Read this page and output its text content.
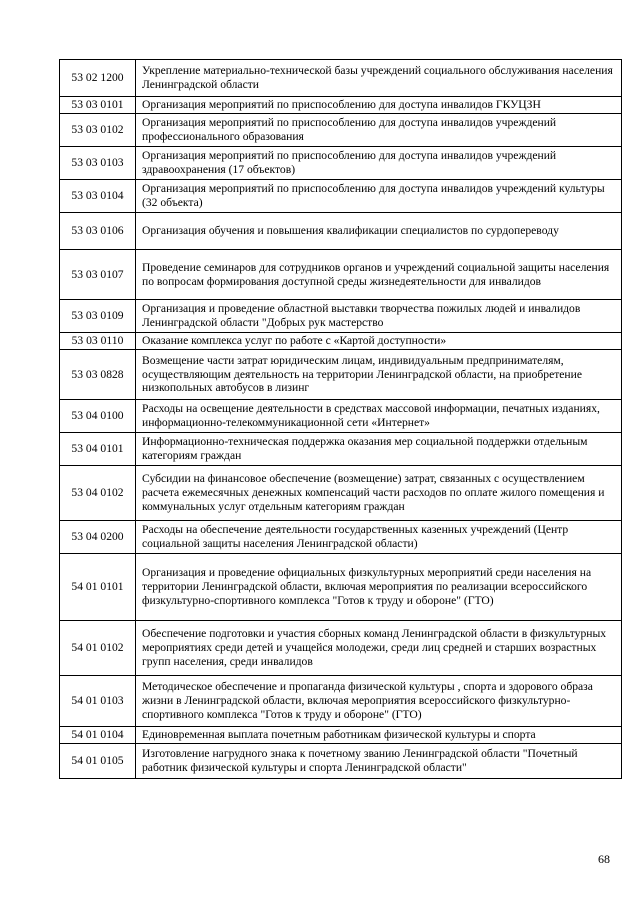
53 02 1200	Укрепление материально-технической базы учреждений социального обслуживания населения Ленинградской области
53 03 0101	Организация мероприятий по приспособлению для доступа инвалидов ГКУЦЗН
53 03 0102	Организация мероприятий по приспособлению для доступа инвалидов учреждений профессионального образования
53 03 0103	Организация мероприятий по приспособлению для доступа инвалидов учреждений здравоохранения (17 объектов)
53 03 0104	Организация мероприятий по приспособлению для доступа инвалидов учреждений культуры (32 объекта)
53 03 0106	Организация обучения и повышения квалификации специалистов по сурдопереводу
53 03 0107	Проведение семинаров для сотрудников органов и учреждений социальной защиты населения по вопросам формирования доступной среды жизнедеятельности для инвалидов
53 03 0109	Организация и проведение областной выставки творчества пожилых людей и инвалидов Ленинградской области "Добрых рук мастерство
53 03 0110	Оказание комплекса услуг по работе с «Картой доступности»
53 03 0828	Возмещение части затрат юридическим лицам, индивидуальным предпринимателям, осуществляющим деятельность на территории Ленинградской области, на приобретение низкопольных автобусов в лизинг
53 04 0100	Расходы на освещение деятельности в средствах массовой информации, печатных изданиях, информационно-телекоммуникационной сети «Интернет»
53 04 0101	Информационно-техническая поддержка оказания мер социальной поддержки отдельным категориям граждан
53 04 0102	Субсидии на финансовое обеспечение (возмещение) затрат, связанных с осуществлением расчета ежемесячных денежных компенсаций части расходов по оплате жилого помещения и коммунальных услуг отдельным категориям граждан
53 04 0200	Расходы на обеспечение деятельности государственных казенных учреждений (Центр социальной защиты населения Ленинградской области)
54 01 0101	Организация и проведение официальных физкультурных мероприятий среди населения на территории Ленинградской области, включая мероприятия по реализации всероссийского физкультурно-спортивного комплекса "Готов к труду и обороне" (ГТО)
54 01 0102	Обеспечение подготовки и участия сборных команд Ленинградской области в физкультурных мероприятиях среди детей и учащейся молодежи, среди лиц средней и старших возрастных групп населения, среди инвалидов
54 01 0103	Методическое обеспечение и пропаганда физической культуры , спорта и здорового образа жизни в Ленинградской области, включая мероприятия всероссийского физкультурно-спортивного комплекса "Готов к труду и обороне" (ГТО)
54 01 0104	Единовременная выплата почетным работникам физической культуры и спорта
54 01 0105	Изготовление нагрудного знака к почетному званию Ленинградской области "Почетный работник физической культуры и спорта Ленинградской области"
68
